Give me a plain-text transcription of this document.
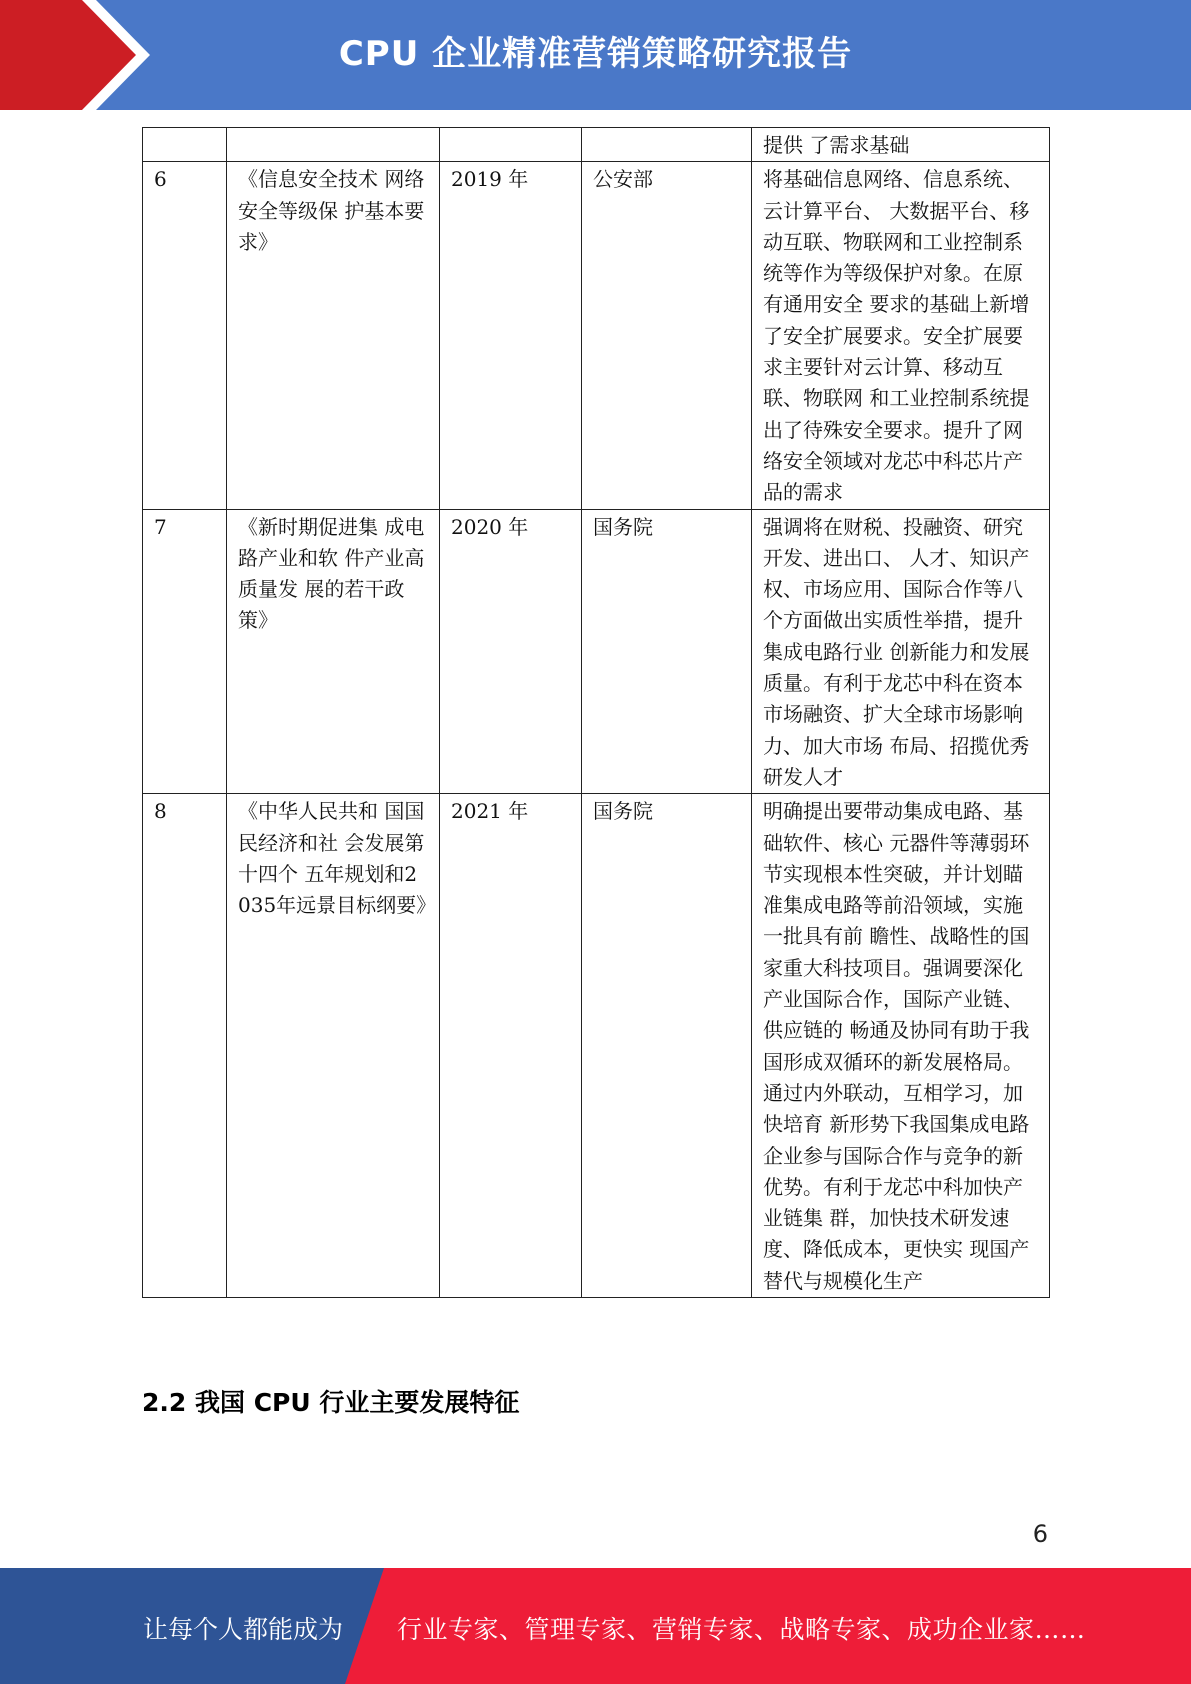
CPU 企业精准营销策略研究报告
				提供 了需求基础
6	《信息安全技术 网络安全等级保 护基本要求》	2019 年	公安部	将基础信息网络、信息系统、云计算平台、 大数据平台、移动互联、物联网和工业控制系统等作为等级保护对象。在原有通用安全 要求的基础上新增了安全扩展要求。安全扩展要求主要针对云计算、移动互联、物联网 和工业控制系统提出了待殊安全要求。提升了网络安全领域对龙芯中科芯片产品的需求
7	《新时期促进集 成电路产业和软 件产业高质量发 展的若干政策》	2020 年	国务院	强调将在财税、投融资、研究开发、进出口、 人才、知识产权、市场应用、国际合作等八 个方面做出实质性举措，提升集成电路行业 创新能力和发展质量。有利于龙芯中科在资本 市场融资、扩大全球市场影响力、加大市场 布局、招揽优秀研发人才
8	《中华人民共和 国国民经济和社 会发展第十四个 五年规划和2035年远景目标纲要》	2021 年	国务院	明确提出要带动集成电路、基础软件、核心 元器件等薄弱环节实现根本性突破，并计划瞄准集成电路等前沿领域，实施一批具有前 瞻性、战略性的国家重大科技项目。强调要深化产业国际合作，国际产业链、供应链的 畅通及协同有助于我国形成双循环的新发展格局。通过内外联动，互相学习，加快培育 新形势下我国集成电路企业参与国际合作与竞争的新优势。有利于龙芯中科加快产业链集 群，加快技术研发速度、降低成本，更快实 现国产替代与规模化生产
2.2 我国 CPU 行业主要发展特征
6
让每个人都能成为 行业专家、管理专家、营销专家、战略专家、成功企业家……
